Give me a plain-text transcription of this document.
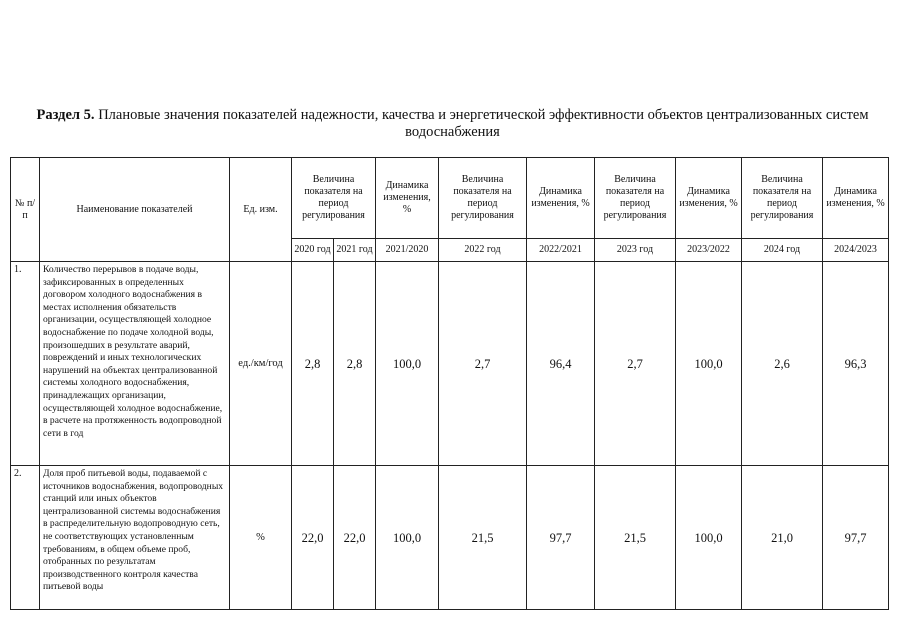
Раздел 5. Плановые значения показателей надежности, качества и энергетической эффективности объектов централизованных систем водоснабжения
№ п/п	Наименование показателей	Ед. изм.	Величина показателя на период регулирования		Динамика изменения, %	Величина показателя на период регулирования	Динамика изменения, %	Величина показателя на период регулирования	Динамика изменения, %	Величина показателя на период регулирования	Динамика изменения, %
			2020 год	2021 год	2021/2020	2022 год	2022/2021	2023 год	2023/2022	2024 год	2024/2023
1.	Количество перерывов в подаче воды, зафиксированных в определенных договором холодного водоснабжения в местах исполнения обязательств организации, осуществляющей холодное водоснабжение по подаче холодной воды, произошедших в результате аварий, повреждений и иных технологических нарушений на объектах централизованной системы холодного водоснабжения, принадлежащих организации, осуществляющей холодное водоснабжение, в расчете на протяженность водопроводной сети в год	ед./км/год	2,8	2,8	100,0	2,7	96,4	2,7	100,0	2,6	96,3
2.	Доля проб питьевой воды, подаваемой с источников водоснабжения, водопроводных станций или иных объектов централизованной системы водоснабжения в распределительную водопроводную сеть, не соответствующих установленным требованиям, в общем объеме проб, отобранных по результатам производственного контроля качества питьевой воды	%	22,0	22,0	100,0	21,5	97,7	21,5	100,0	21,0	97,7
